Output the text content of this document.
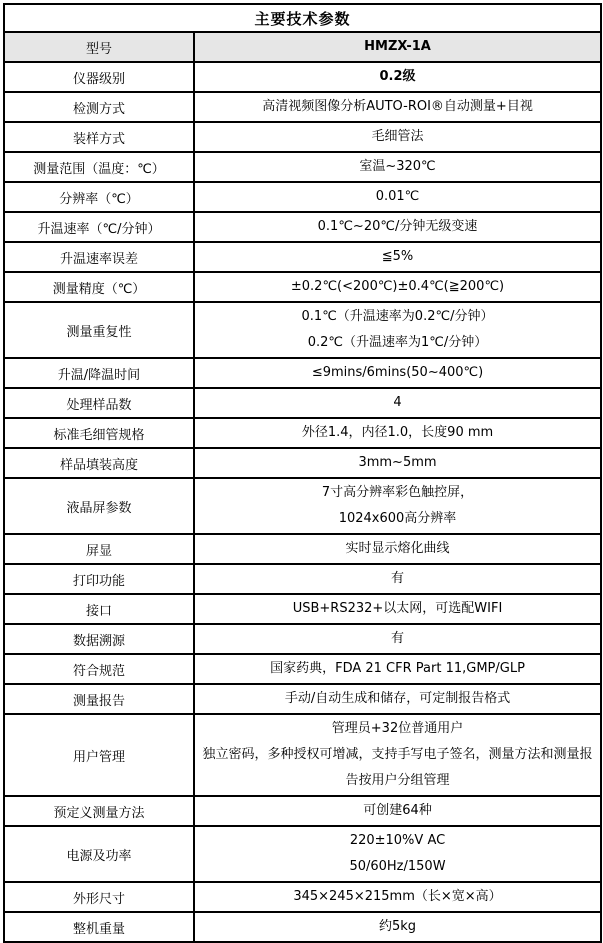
主要技术参数	
型号	HMZX-1A

仪器级别	0.2级

检测方式	高清视频图像分析AUTO-ROI®自动测量+目视

装样方式	毛细管法

测量范围（温度：℃）	室温~320℃

分辨率（℃）	0.01℃

升温速率（℃/分钟）	0.1℃~20℃/分钟无级变速

升温速率误差	≦5%

测量精度（℃）	±0.2℃(<200℃)±0.4℃(≧200℃)

测量重复性	0.1℃（升温速率为0.2℃/分钟）
0.2℃（升温速率为1℃/分钟）

升温/降温时间	≤9mins/6mins(50~400℃)

处理样品数	4

标准毛细管规格	外径1.4，内径1.0，长度90 mm

样品填装高度	3mm~5mm

液晶屏参数	7寸高分辨率彩色触控屏，
1024x600高分辨率

屏显	实时显示熔化曲线

打印功能	有

接口	USB+RS232+以太网，可选配WIFI

数据溯源	有

符合规范	国家药典，FDA 21 CFR Part 11,GMP/GLP

测量报告	手动/自动生成和储存，可定制报告格式

用户管理	管理员+32位普通用户
独立密码，多种授权可增减，支持手写电子签名，测量方法和测量报告按用户分组管理

预定义测量方法	可创建64种

电源及功率	220±10%V AC
50/60Hz/150W

外形尺寸	345×245×215mm（长×宽×高）

整机重量	约5kg
